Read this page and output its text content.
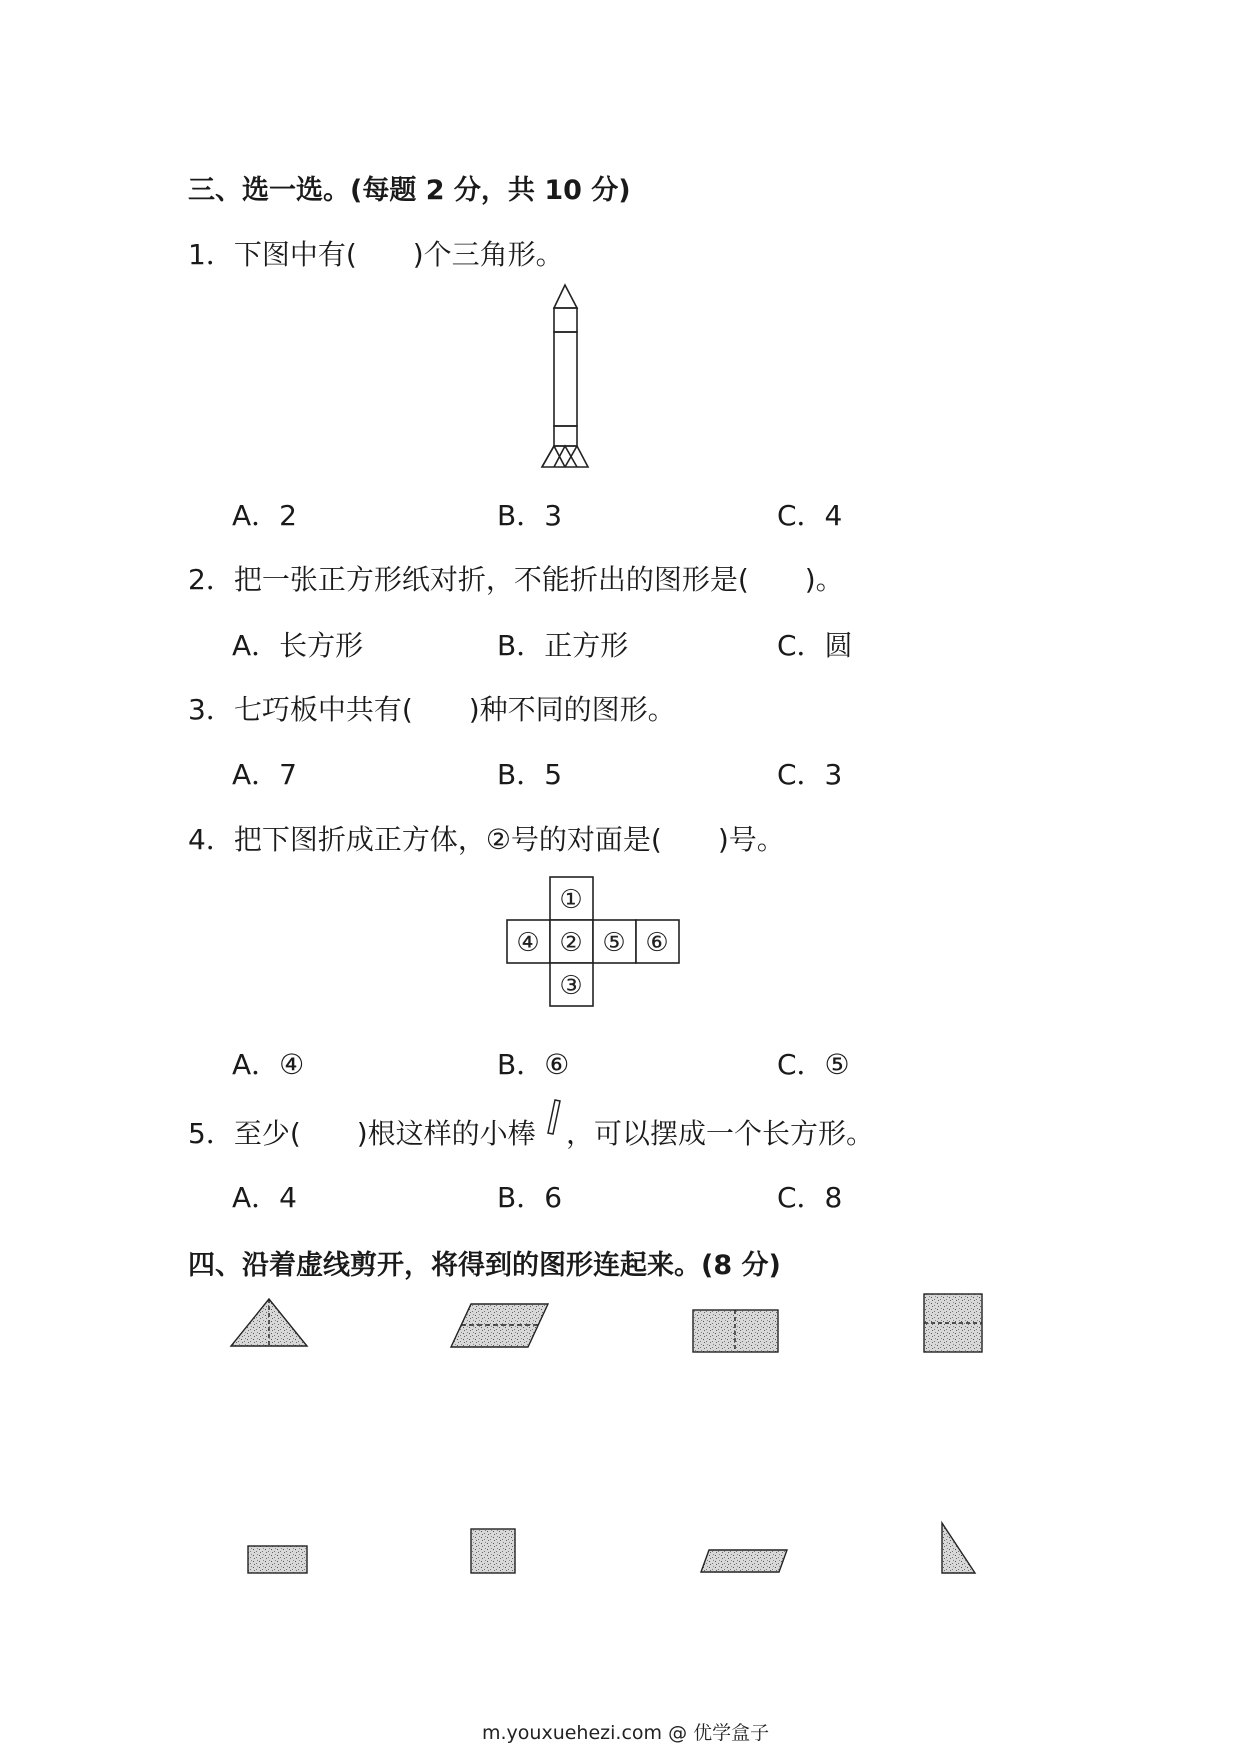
三、选一选。(每题 2 分，共 10 分)
1．下图中有(　　)个三角形。
A．2	B．3	C．4
2．把一张正方形纸对折，不能折出的图形是(　　)。
A．长方形	B．正方形	C．圆
3．七巧板中共有(　　)种不同的图形。
A．7	B．5	C．3
4．把下图折成正方体，②号的对面是(　　)号。
①
④ ② ⑤ ⑥
③
A．④	B．⑥	C．⑤
5．至少(　　)根这样的小棒 ，可以摆成一个长方形。
A．4	B．6	C．8
四、沿着虚线剪开，将得到的图形连起来。(8 分)
m.youxuehezi.com @ 优学盒子
